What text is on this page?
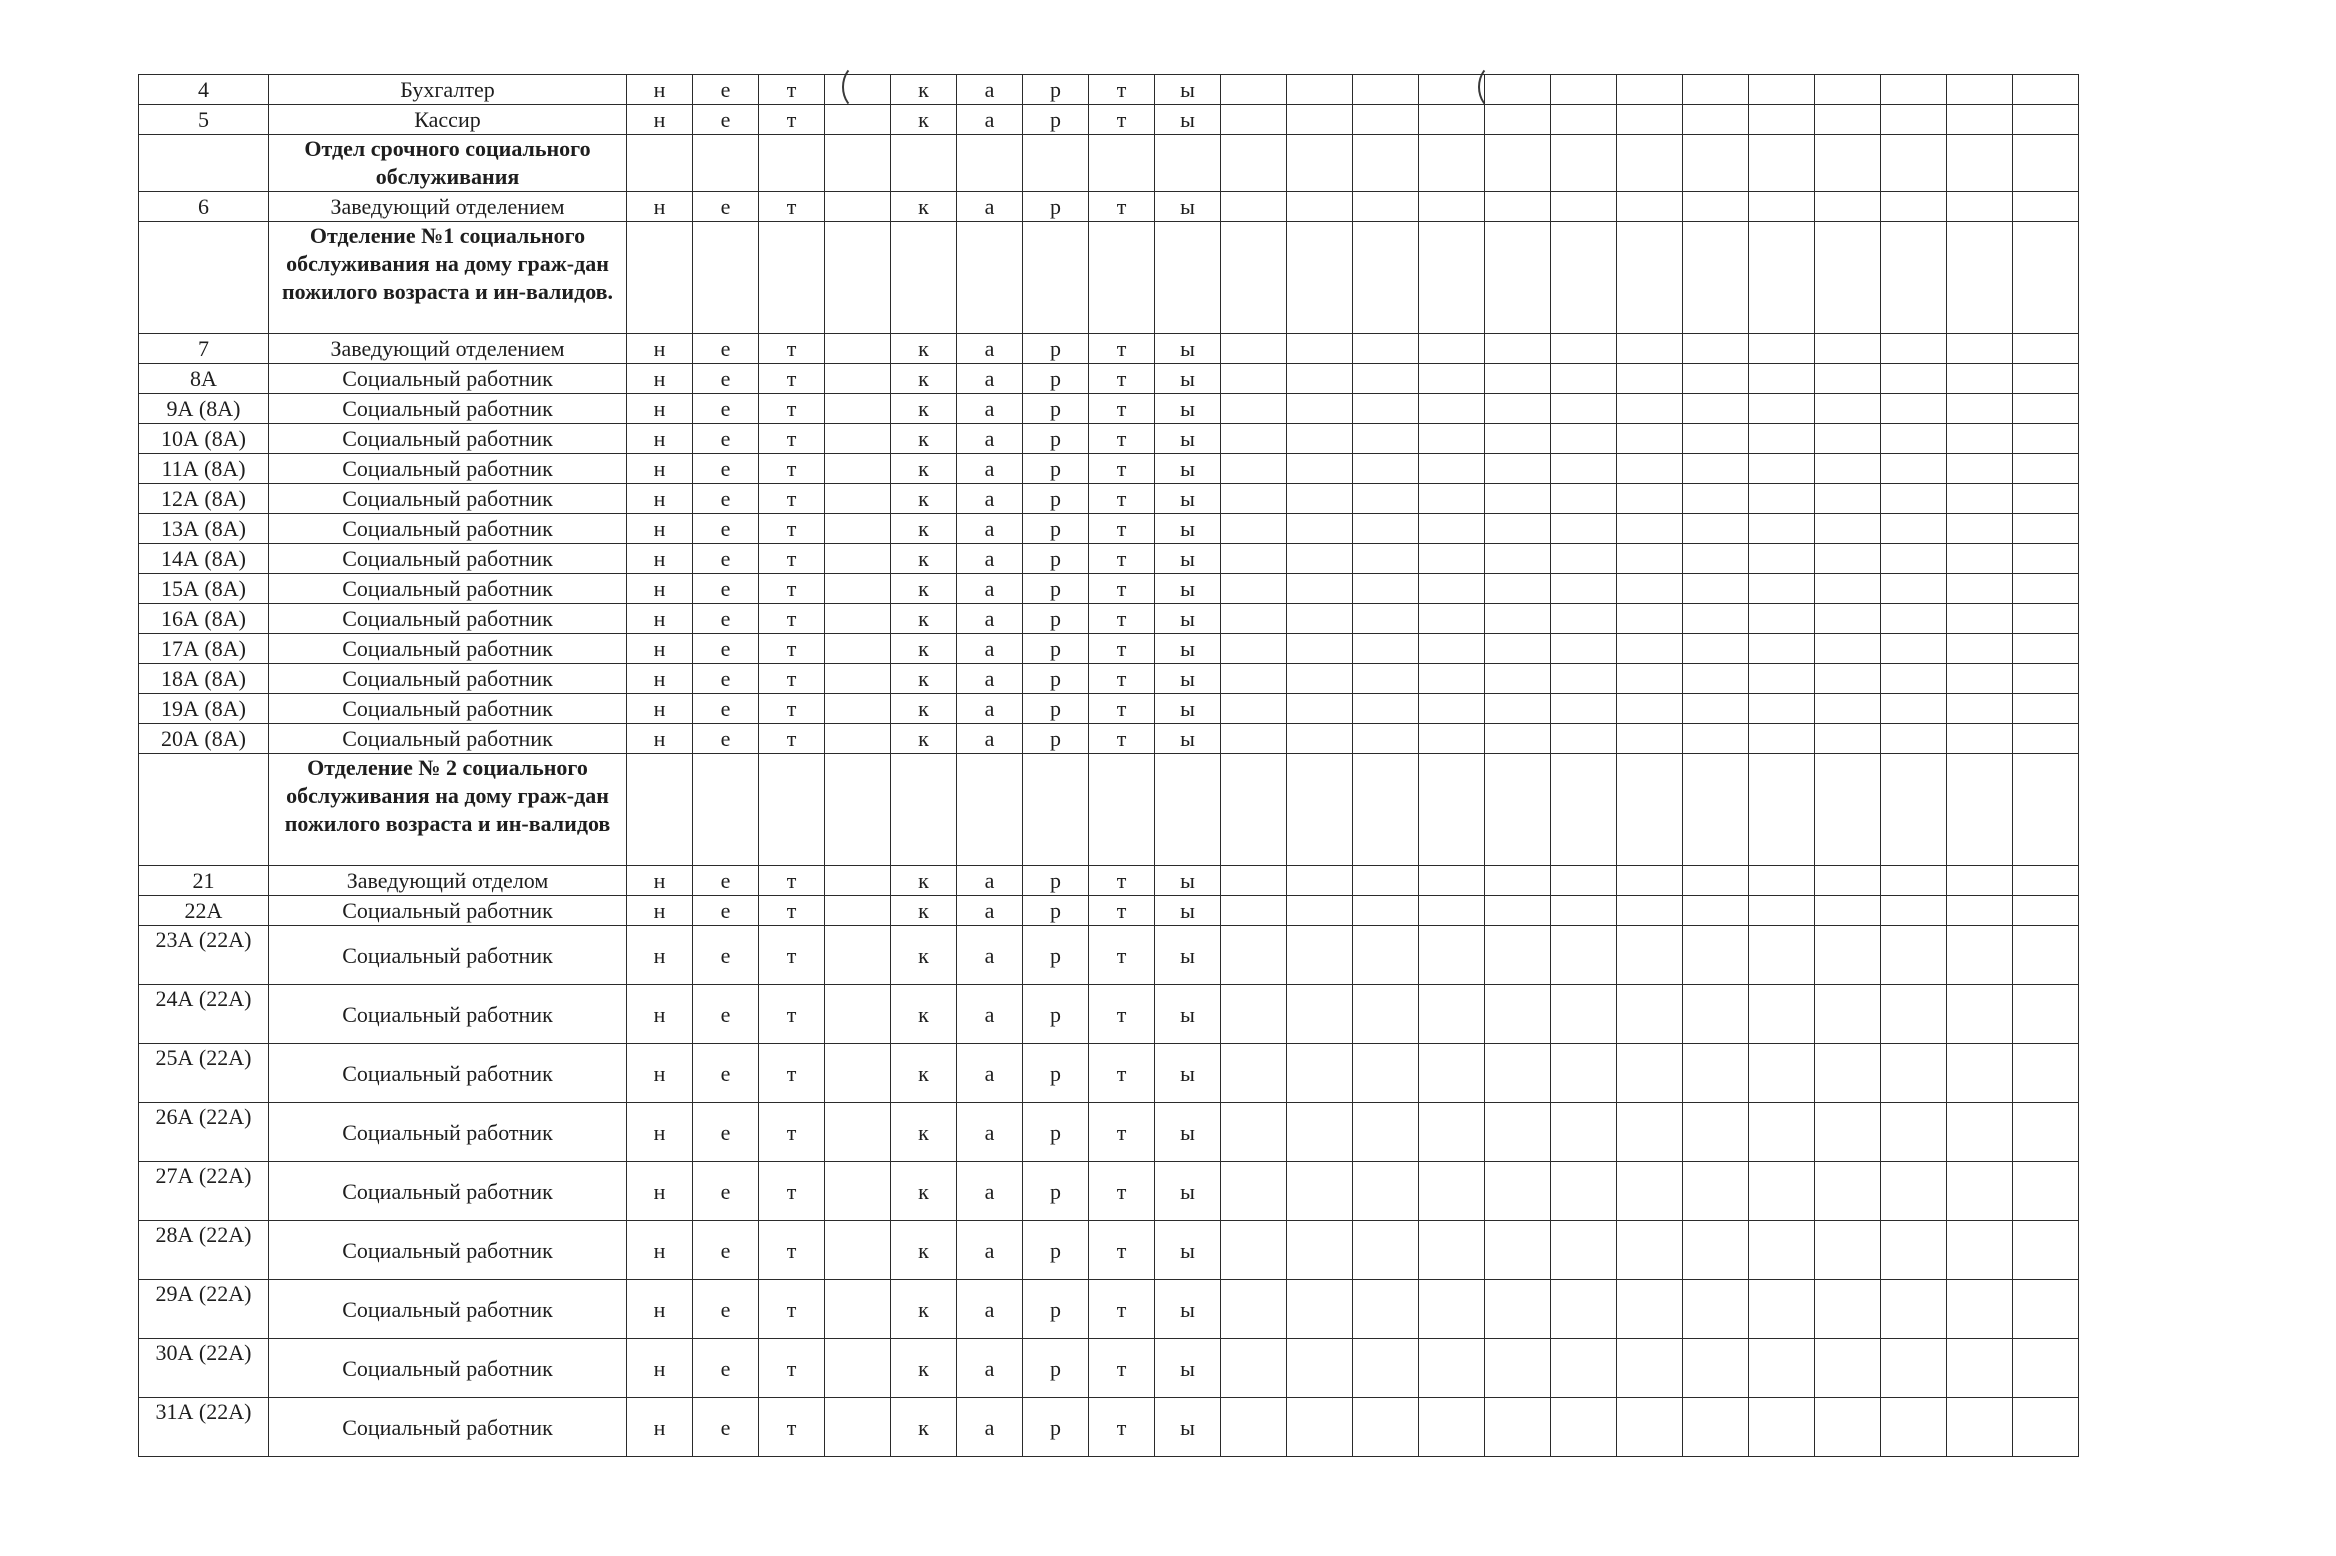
4	Бухгалтер	н	е	т		к	а	р	т	ы													
5	Кассир	н	е	т		к	а	р	т	ы													
	Отдел срочного социального обслуживания																						
6	Заведующий отделением	н	е	т		к	а	р	т	ы													
	Отделение №1 социального обслуживания на дому граж-дан пожилого возраста и ин-валидов.																						
7	Заведующий отделением	н	е	т		к	а	р	т	ы													
8А	Социальный работник	н	е	т		к	а	р	т	ы													
9А (8А)	Социальный работник	н	е	т		к	а	р	т	ы													
10А (8А)	Социальный работник	н	е	т		к	а	р	т	ы													
11А (8А)	Социальный работник	н	е	т		к	а	р	т	ы													
12А (8А)	Социальный работник	н	е	т		к	а	р	т	ы													
13А (8А)	Социальный работник	н	е	т		к	а	р	т	ы													
14А (8А)	Социальный работник	н	е	т		к	а	р	т	ы													
15А (8А)	Социальный работник	н	е	т		к	а	р	т	ы													
16А (8А)	Социальный работник	н	е	т		к	а	р	т	ы													
17А (8А)	Социальный работник	н	е	т		к	а	р	т	ы													
18А (8А)	Социальный работник	н	е	т		к	а	р	т	ы													
19А (8А)	Социальный работник	н	е	т		к	а	р	т	ы													
20А (8А)	Социальный работник	н	е	т		к	а	р	т	ы													
	Отделение № 2 социального обслуживания на дому граж-дан пожилого возраста и ин-валидов																						
21	Заведующий отделом	н	е	т		к	а	р	т	ы													
22А	Социальный работник	н	е	т		к	а	р	т	ы													
23А (22А)	Социальный работник	н	е	т		к	а	р	т	ы													
24А (22А)	Социальный работник	н	е	т		к	а	р	т	ы													
25А (22А)	Социальный работник	н	е	т		к	а	р	т	ы													
26А (22А)	Социальный работник	н	е	т		к	а	р	т	ы													
27А (22А)	Социальный работник	н	е	т		к	а	р	т	ы													
28А (22А)	Социальный работник	н	е	т		к	а	р	т	ы													
29А (22А)	Социальный работник	н	е	т		к	а	р	т	ы													
30А (22А)	Социальный работник	н	е	т		к	а	р	т	ы													
31А (22А)	Социальный работник	н	е	т		к	а	р	т	ы													
